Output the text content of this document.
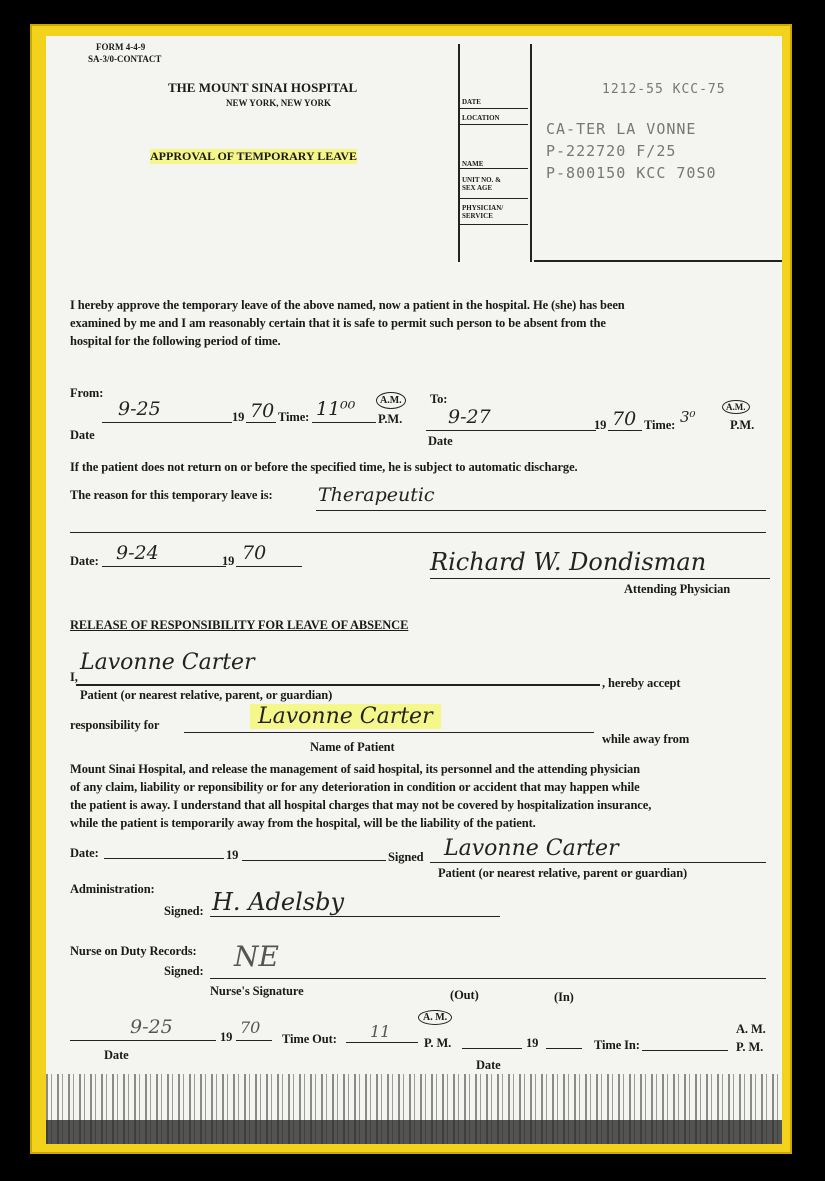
FORM 4-4-9
SA-3/0-CONTACT
THE MOUNT SINAI HOSPITAL
NEW YORK, NEW YORK
APPROVAL OF TEMPORARY LEAVE
DATE
LOCATION
NAME
UNIT NO. & SEX AGE
PHYSICIAN/ SERVICE
1212-55 KCC-75
CA-TER LA VONNE
P-222720 F/25
P-800150 KCC 70S0
I hereby approve the temporary leave of the above named, now a patient in the hospital. He (she) has been
examined by me and I am reasonably certain that it is safe to permit such person to be absent from the
hospital for the following period of time.
From:
9-25	19 70 Time: 11⁰⁰	A.M.
P.M.
Date
To:
9-27	19 70 Time: 3⁰
A.M.
P.M.
Date
If the patient does not return on or before the specified time, he is subject to automatic discharge.
The reason for this temporary leave is: Therapeutic
Date: 9-24	19 70	Richard W. Dondisman
Attending Physician
RELEASE OF RESPONSIBILITY FOR LEAVE OF ABSENCE
I,
Lavonne Carter
, hereby accept
Patient (or nearest relative, parent, or guardian)
responsibility for	Lavonne Carter
while away from
Name of Patient
Mount Sinai Hospital, and release the management of said hospital, its personnel and the attending physician
of any claim, liability or reponsibility or for any deterioration in condition or accident that may happen while
the patient is away. I understand that all hospital charges that may not be covered by hospitalization insurance,
while the patient is temporarily away from the hospital, will be the liability of the patient.
Date:	19	Signed Lavonne Carter
Patient (or nearest relative, parent or guardian)
Administration:
Signed: H. Adelsby
Nurse on Duty Records:
Signed: NE
Nurse's Signature	(Out)	(In)
9-25	19 70
Time Out: 11
A. M.
P. M.	19	Time In:
A. M.
P. M.
Date
Date
